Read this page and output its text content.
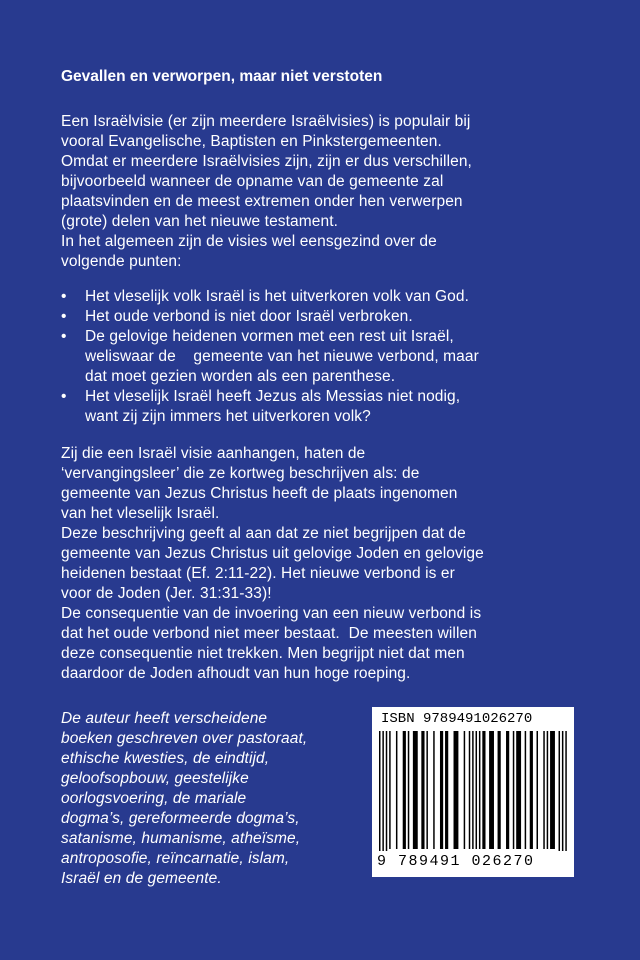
Gevallen en verworpen, maar niet verstoten
Een Israëlvisie (er zijn meerdere Israëlvisies) is populair bij
vooral Evangelische, Baptisten en Pinkstergemeenten.
Omdat er meerdere Israëlvisies zijn, zijn er dus verschillen,
bijvoorbeeld wanneer de opname van de gemeente zal
plaatsvinden en de meest extremen onder hen verwerpen
(grote) delen van het nieuwe testament.
In het algemeen zijn de visies wel eensgezind over de
volgende punten:
• Het vleselijk volk Israël is het uitverkoren volk van God.
• Het oude verbond is niet door Israël verbroken.
• De gelovige heidenen vormen met een rest uit Israël,
weliswaar de    gemeente van het nieuwe verbond, maar
dat moet gezien worden als een parenthese.
• Het vleselijk Israël heeft Jezus als Messias niet nodig,
want zij zijn immers het uitverkoren volk?
Zij die een Israël visie aanhangen, haten de
‘vervangingsleer’ die ze kortweg beschrijven als: de
gemeente van Jezus Christus heeft de plaats ingenomen
van het vleselijk Israël.
Deze beschrijving geeft al aan dat ze niet begrijpen dat de
gemeente van Jezus Christus uit gelovige Joden en gelovige
heidenen bestaat (Ef. 2:11-22). Het nieuwe verbond is er
voor de Joden (Jer. 31:31-33)!
De consequentie van de invoering van een nieuw verbond is
dat het oude verbond niet meer bestaat.  De meesten willen
deze consequentie niet trekken. Men begrijpt niet dat men
daardoor de Joden afhoudt van hun hoge roeping.
De auteur heeft verscheidene
boeken geschreven over pastoraat,
ethische kwesties, de eindtijd,
geloofsopbouw, geestelijke
oorlogsvoering, de mariale
dogma’s, gereformeerde dogma’s,
satanisme, humanisme, atheïsme,
antroposofie, reïncarnatie, islam,
Israël en de gemeente.
ISBN 9789491026270
9 789491 026270
